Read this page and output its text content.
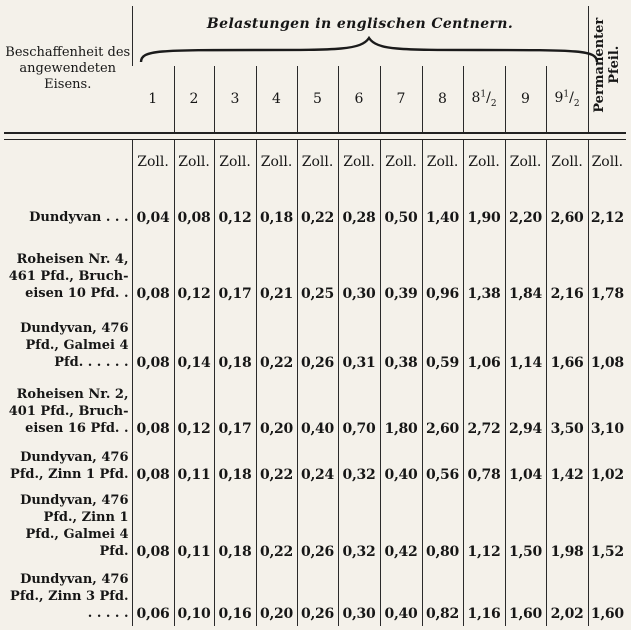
Beschaffenheit des angewendeten Eisens.	Belastungen in englischen Centnern.											Permanenter Pfeil.

	1	2	3	4	5	6	7	8	$8^1/_2$	9	$9^1/_2$

	Zoll.	Zoll.	Zoll.	Zoll.	Zoll.	Zoll.	Zoll.	Zoll.	Zoll.	Zoll.	Zoll.	Zoll.
Dundyvan . . .	0,04	0,08	0,12	0,18	0,22	0,28	0,50	1,40	1,90	2,20	2,60	2,12
Roheisen Nr. 4, 461 Pfd., Bruch-eisen 10 Pfd. .	0,08	0,12	0,17	0,21	0,25	0,30	0,39	0,96	1,38	1,84	2,16	1,78
Dundyvan, 476 Pfd., Galmei 4 Pfd. . . . . .	0,08	0,14	0,18	0,22	0,26	0,31	0,38	0,59	1,06	1,14	1,66	1,08
Roheisen Nr. 2, 401 Pfd., Bruch-eisen 16 Pfd. .	0,08	0,12	0,17	0,20	0,40	0,70	1,80	2,60	2,72	2,94	3,50	3,10
Dundyvan, 476 Pfd., Zinn 1 Pfd.	0,08	0,11	0,18	0,22	0,24	0,32	0,40	0,56	0,78	1,04	1,42	1,02
Dundyvan, 476 Pfd., Zinn 1 Pfd., Galmei 4 Pfd.	0,08	0,11	0,18	0,22	0,26	0,32	0,42	0,80	1,12	1,50	1,98	1,52
Dundyvan, 476 Pfd., Zinn 3 Pfd. . . . . .	0,06	0,10	0,16	0,20	0,26	0,30	0,40	0,82	1,16	1,60	2,02	1,60
